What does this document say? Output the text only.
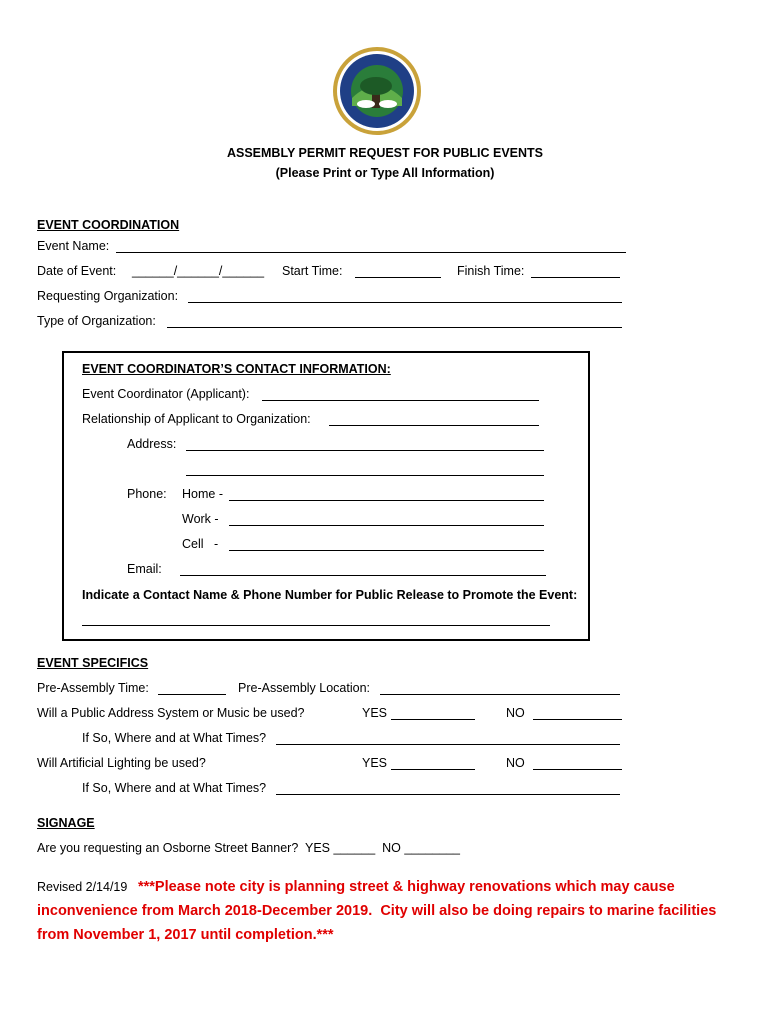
ASSEMBLY PERMIT REQUEST FOR PUBLIC EVENTS
(Please Print or Type All Information)
EVENT COORDINATION
Event Name:
Date of Event: ______/______/______ Start Time:	Finish Time:
Requesting Organization:
Type of Organization:
EVENT COORDINATOR’S CONTACT INFORMATION:
Event Coordinator (Applicant):
Relationship of Applicant to Organization:
Address:
Phone: Home -
Work -
Cell   -
Email:
Indicate a Contact Name & Phone Number for Public Release to Promote the Event:
EVENT SPECIFICS
Pre-Assembly Time:	Pre-Assembly Location:
Will a Public Address System or Music be used?	YES	NO
If So, Where and at What Times?
Will Artificial Lighting be used?	YES	NO
If So, Where and at What Times?
SIGNAGE
Are you requesting an Osborne Street Banner?  YES ______  NO ________
Revised 2/14/19 ***Please note city is planning street & highway renovations which may cause
inconvenience from March 2018-December 2019.  City will also be doing repairs to marine facilities
from November 1, 2017 until completion.***
